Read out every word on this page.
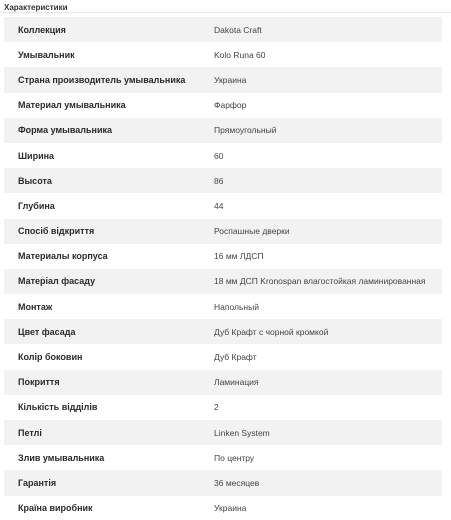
Характеристики
Коллекция	Dakota Craft
Умывальник	Kolo Runa 60
Страна производитель умывальника	Украина
Материал умывальника	Фарфор
Форма умывальника	Прямоугольный
Ширина	60
Высота	86
Глубина	44
Спосіб відкриття	Роспашные дверки
Материалы корпуса	16 мм ЛДСП
Матеріал фасаду	18 мм ДСП Kronospan влагостойкая ламинированная
Монтаж	Напольный
Цвет фасада	Дуб Крафт с чорной кромкой
Колір боковин	Дуб Крафт
Покриття	Ламинация
Кількість відділів	2
Петлі	Linken System
Злив умывальника	По центру
Гарантія	36 месяцев
Країна виробник	Украина
